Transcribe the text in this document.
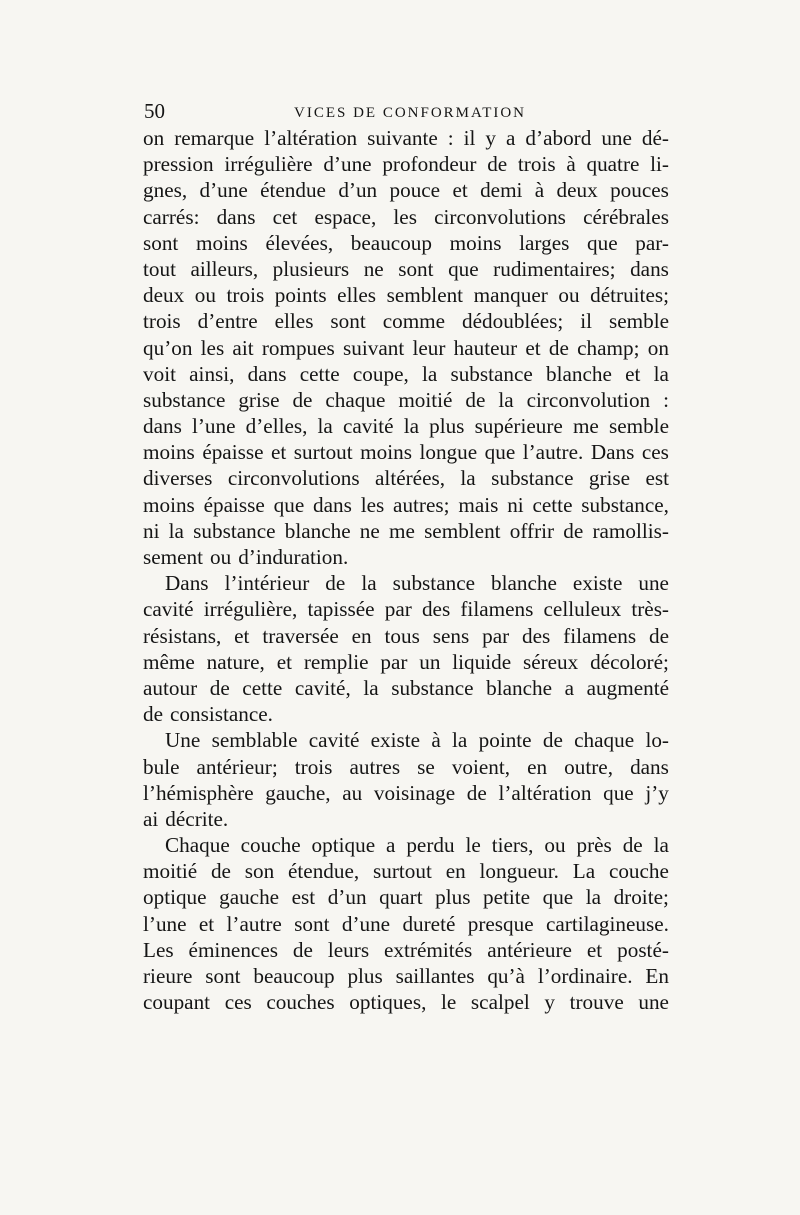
50	VICES DE CONFORMATION
on remarque l’altération suivante : il y a d’abord une dé-
pression irrégulière d’une profondeur de trois à quatre li-
gnes, d’une étendue d’un pouce et demi à deux pouces
carrés: dans cet espace, les circonvolutions cérébrales
sont moins élevées, beaucoup moins larges que par-
tout ailleurs, plusieurs ne sont que rudimentaires; dans
deux ou trois points elles semblent manquer ou détruites;
trois d’entre elles sont comme dédoublées; il semble
qu’on les ait rompues suivant leur hauteur et de champ; on
voit ainsi, dans cette coupe, la substance blanche et la
substance grise de chaque moitié de la circonvolution :
dans l’une d’elles, la cavité la plus supérieure me semble
moins épaisse et surtout moins longue que l’autre. Dans ces
diverses circonvolutions altérées, la substance grise est
moins épaisse que dans les autres; mais ni cette substance,
ni la substance blanche ne me semblent offrir de ramollis-
sement ou d’induration.
Dans l’intérieur de la substance blanche existe une
cavité irrégulière, tapissée par des filamens celluleux très-
résistans, et traversée en tous sens par des filamens de
même nature, et remplie par un liquide séreux décoloré;
autour de cette cavité, la substance blanche a augmenté
de consistance.
Une semblable cavité existe à la pointe de chaque lo-
bule antérieur; trois autres se voient, en outre, dans
l’hémisphère gauche, au voisinage de l’altération que j’y
ai décrite.
Chaque couche optique a perdu le tiers, ou près de la
moitié de son étendue, surtout en longueur. La couche
optique gauche est d’un quart plus petite que la droite;
l’une et l’autre sont d’une dureté presque cartilagineuse.
Les éminences de leurs extrémités antérieure et posté-
rieure sont beaucoup plus saillantes qu’à l’ordinaire. En
coupant ces couches optiques, le scalpel y trouve une
